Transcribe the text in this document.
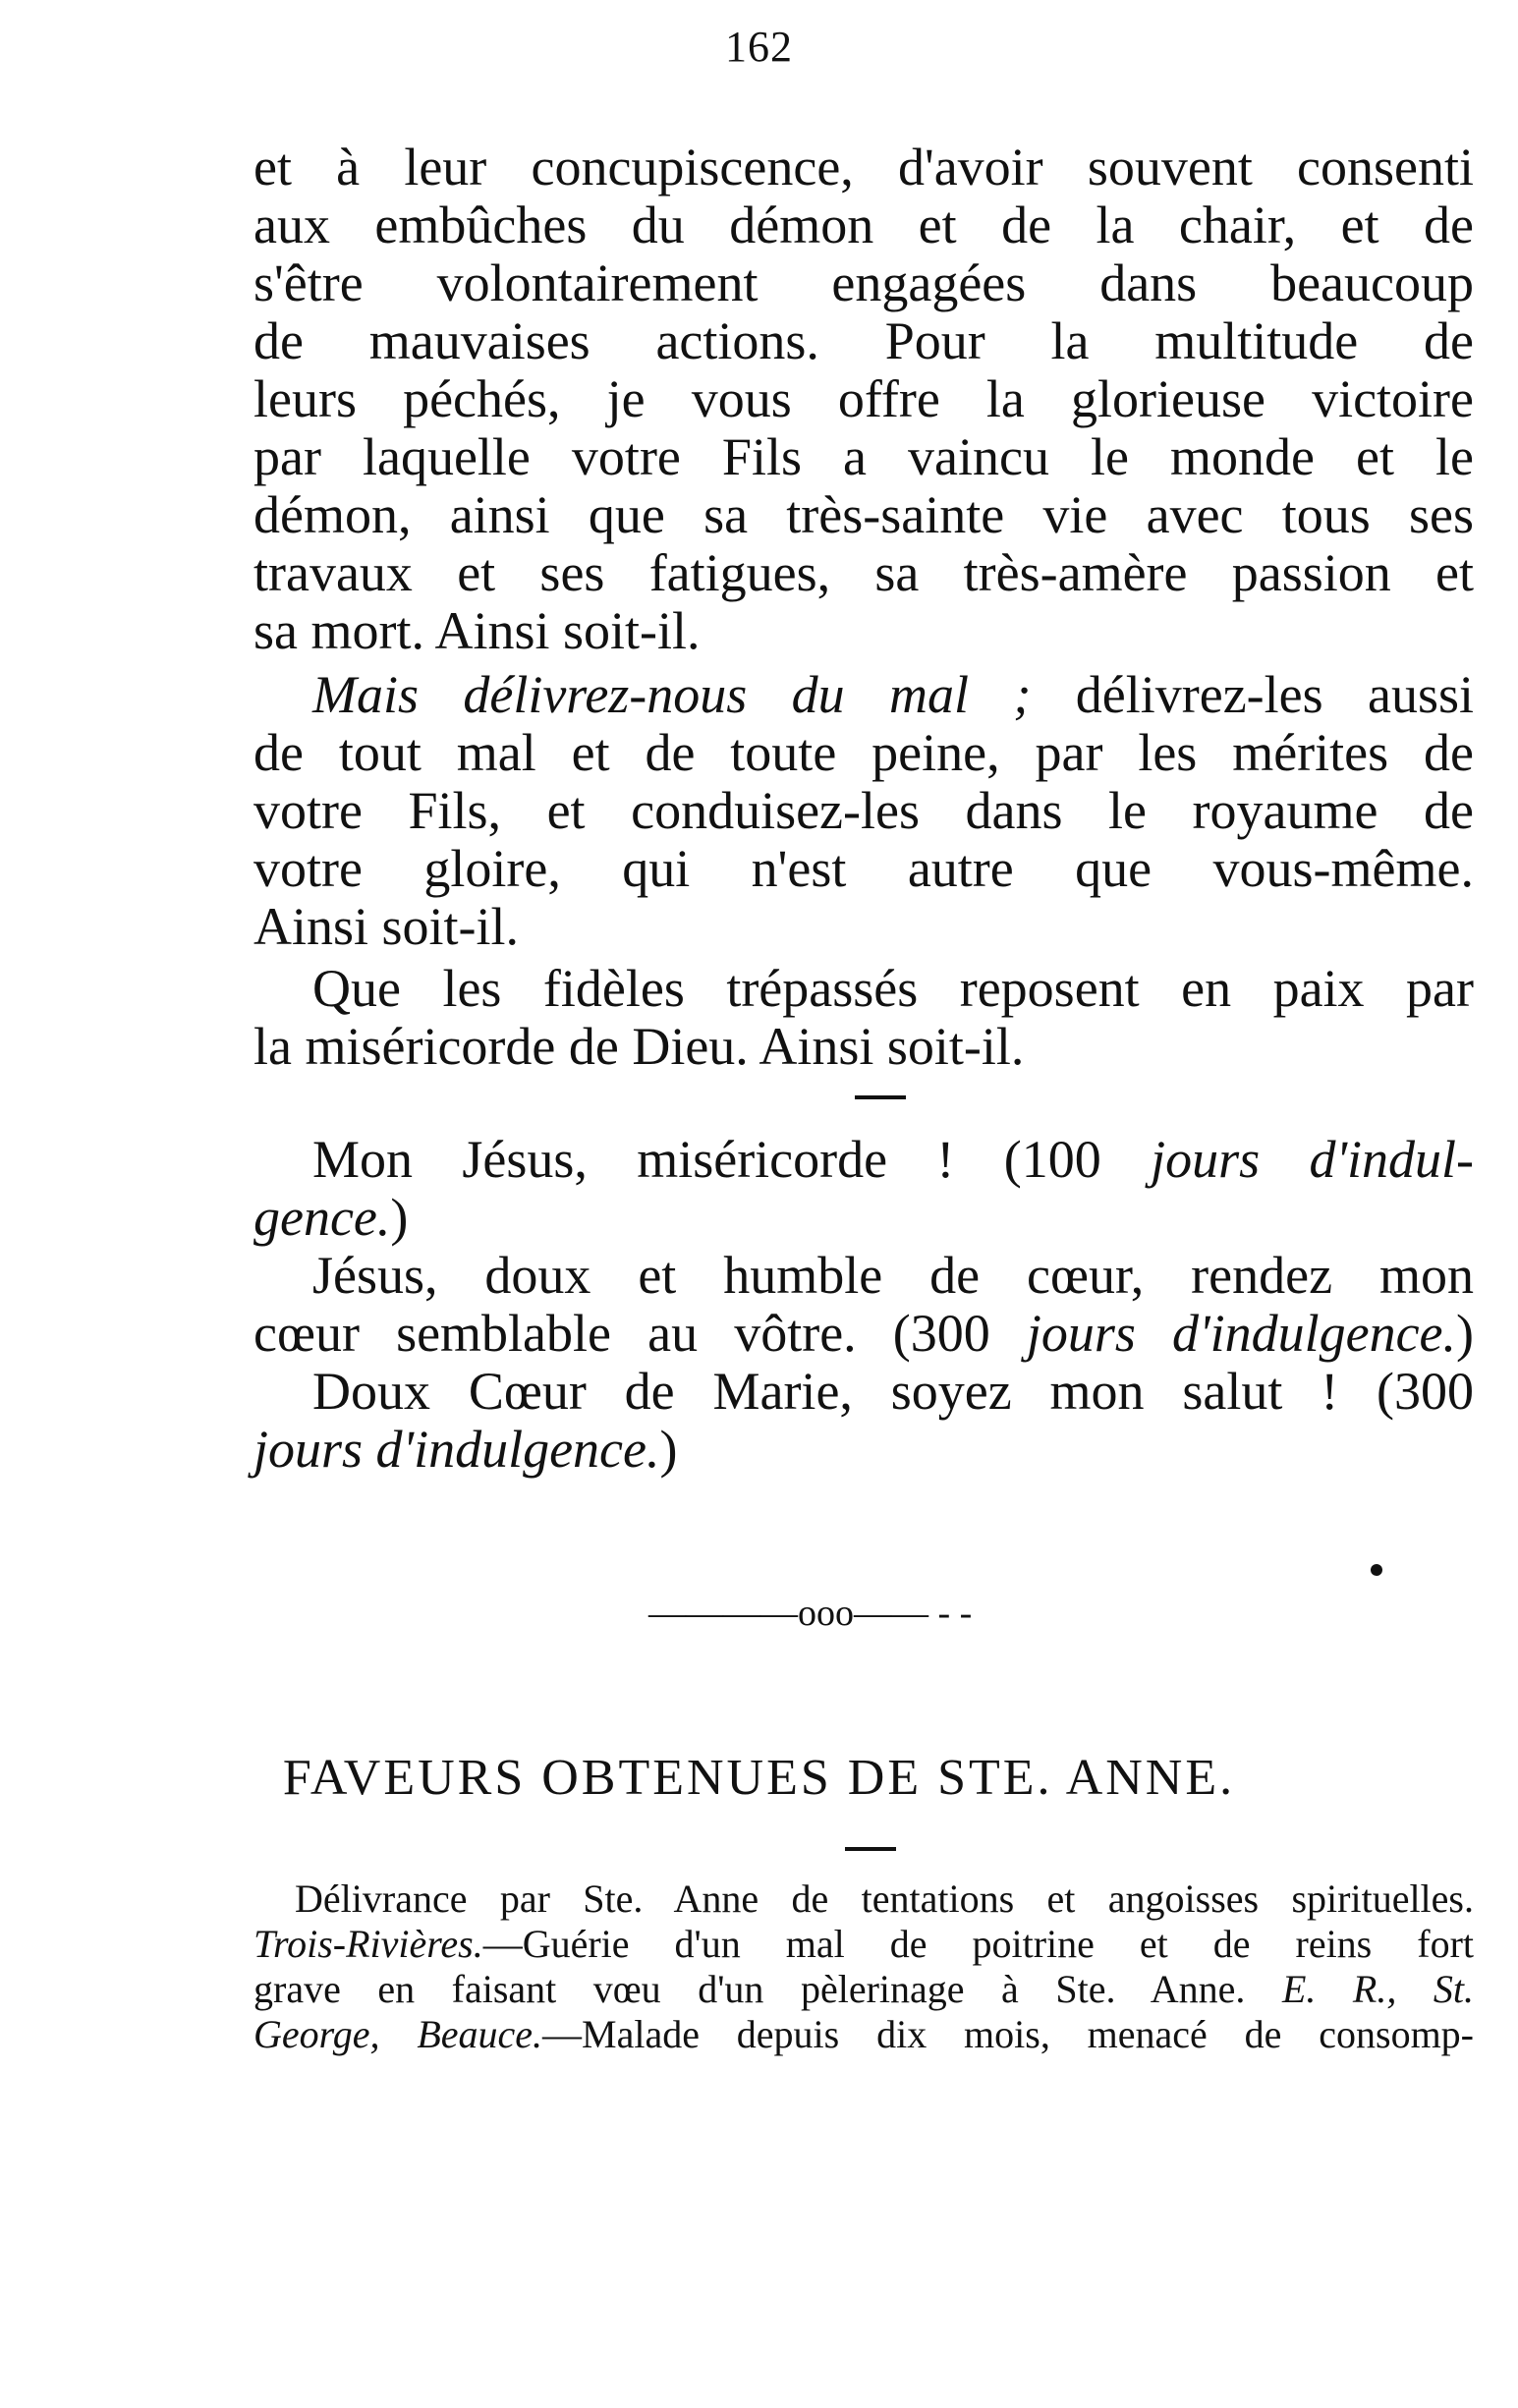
162
et à leur concupiscence, d'avoir souvent consenti
aux embûches du démon et de la chair, et de
s'être volontairement engagées dans beaucoup
de mauvaises actions. Pour la multitude de
leurs péchés, je vous offre la glorieuse victoire
par laquelle votre Fils a vaincu le monde et le
démon, ainsi que sa très-sainte vie avec tous ses
travaux et ses fatigues, sa très-amère passion et
sa mort. Ainsi soit-il.
Mais délivrez-nous du mal ; délivrez-les aussi
de tout mal et de toute peine, par les mérites de
votre Fils, et conduisez-les dans le royaume de
votre gloire, qui n'est autre que vous-même.
Ainsi soit-il.
Que les fidèles trépassés reposent en paix par
la miséricorde de Dieu. Ainsi soit-il.
Mon Jésus, miséricorde ! (100 jours d'indul-
gence.)
Jésus, doux et humble de cœur, rendez mon
cœur semblable au vôtre. (300 jours d'indulgence.)
Doux Cœur de Marie, soyez mon salut ! (300
jours d'indulgence.)
————ooo—— - -
FAVEURS OBTENUES DE STE. ANNE.
Délivrance par Ste. Anne de tentations et angoisses spirituelles.
Trois-Rivières.—Guérie d'un mal de poitrine et de reins fort
grave en faisant vœu d'un pèlerinage à Ste. Anne. E. R., St.
George, Beauce.—Malade depuis dix mois, menacé de consomp-
